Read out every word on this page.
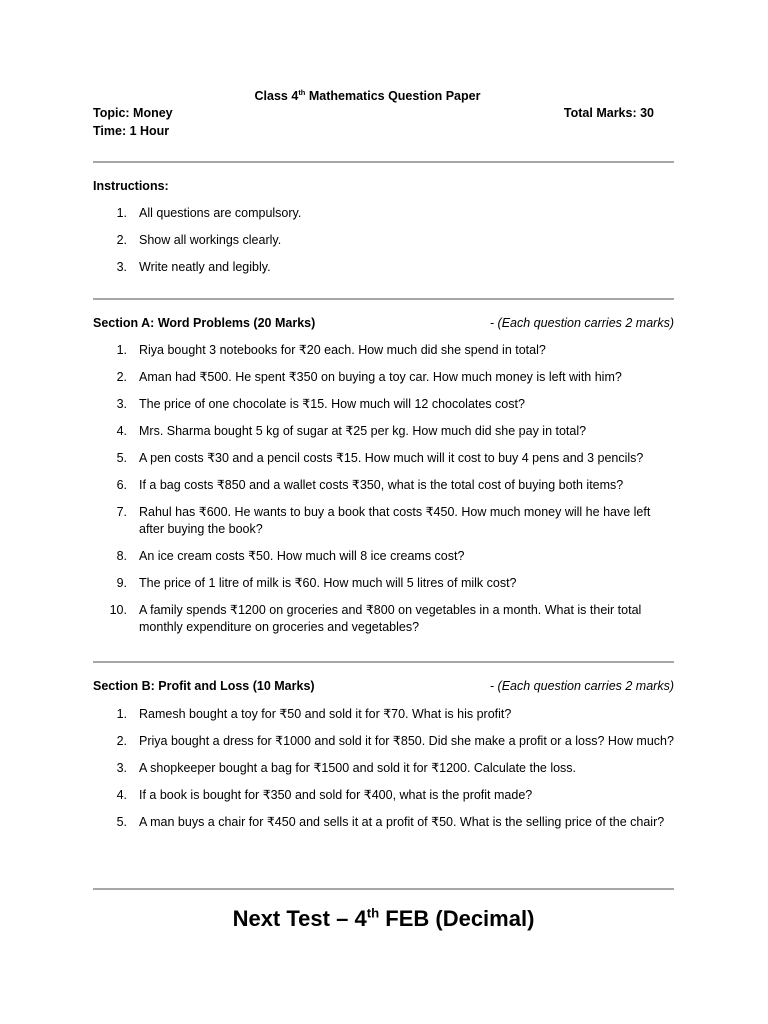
Class 4th Mathematics Question Paper
Topic: Money	Total Marks: 30
Time: 1 Hour
Instructions:
1. All questions are compulsory.
2. Show all workings clearly.
3. Write neatly and legibly.
Section A: Word Problems (20 Marks)	- (Each question carries 2 marks)
1. Riya bought 3 notebooks for ₹20 each. How much did she spend in total?
2. Aman had ₹500. He spent ₹350 on buying a toy car. How much money is left with him?
3. The price of one chocolate is ₹15. How much will 12 chocolates cost?
4. Mrs. Sharma bought 5 kg of sugar at ₹25 per kg. How much did she pay in total?
5. A pen costs ₹30 and a pencil costs ₹15. How much will it cost to buy 4 pens and 3 pencils?
6. If a bag costs ₹850 and a wallet costs ₹350, what is the total cost of buying both items?
7. Rahul has ₹600. He wants to buy a book that costs ₹450. How much money will he have left after buying the book?
8. An ice cream costs ₹50. How much will 8 ice creams cost?
9. The price of 1 litre of milk is ₹60. How much will 5 litres of milk cost?
10. A family spends ₹1200 on groceries and ₹800 on vegetables in a month. What is their total monthly expenditure on groceries and vegetables?
Section B: Profit and Loss (10 Marks)	- (Each question carries 2 marks)
1. Ramesh bought a toy for ₹50 and sold it for ₹70. What is his profit?
2. Priya bought a dress for ₹1000 and sold it for ₹850. Did she make a profit or a loss? How much?
3. A shopkeeper bought a bag for ₹1500 and sold it for ₹1200. Calculate the loss.
4. If a book is bought for ₹350 and sold for ₹400, what is the profit made?
5. A man buys a chair for ₹450 and sells it at a profit of ₹50. What is the selling price of the chair?
Next Test – 4th FEB (Decimal)
